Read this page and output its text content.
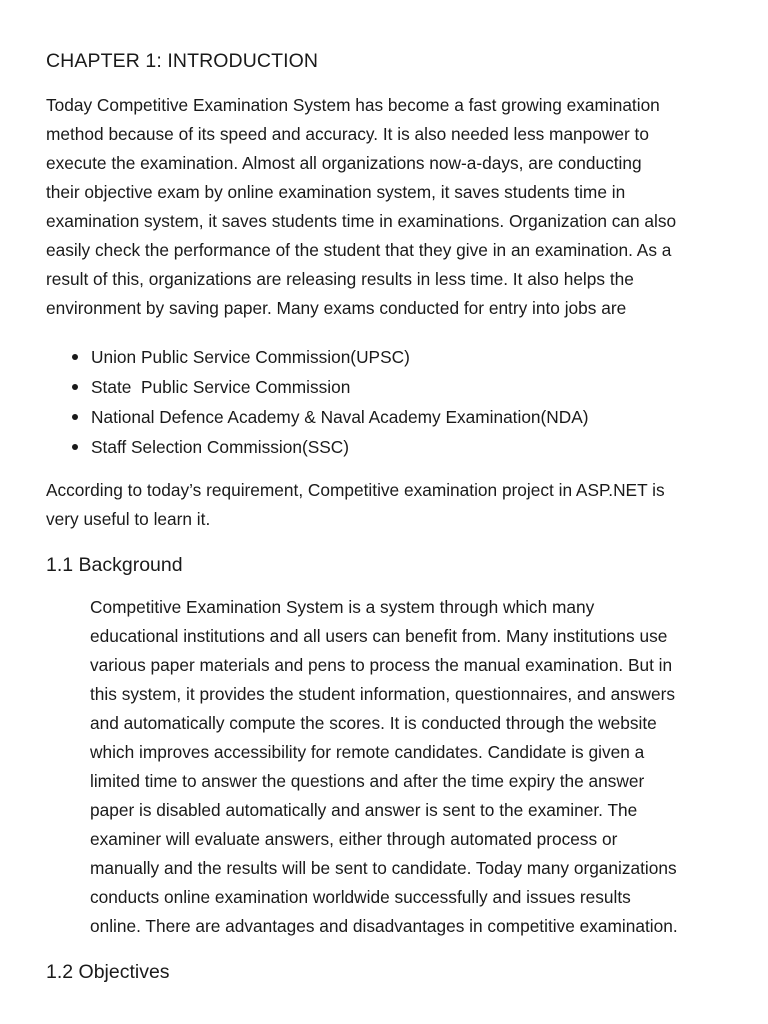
CHAPTER 1: INTRODUCTION

Today Competitive Examination System has become a fast growing examination
method because of its speed and accuracy. It is also needed less manpower to
execute the examination. Almost all organizations now-a-days, are conducting
their objective exam by online examination system, it saves students time in
examination system, it saves students time in examinations. Organization can also
easily check the performance of the student that they give in an examination. As a
result of this, organizations are releasing results in less time. It also helps the
environment by saving paper. Many exams conducted for entry into jobs are

Union Public Service Commission(UPSC)
State  Public Service Commission
National Defence Academy & Naval Academy Examination(NDA)
Staff Selection Commission(SSC)

According to today’s requirement, Competitive examination project in ASP.NET is
very useful to learn it.

1.1 Background

Competitive Examination System is a system through which many
educational institutions and all users can benefit from. Many institutions use
various paper materials and pens to process the manual examination. But in
this system, it provides the student information, questionnaires, and answers
and automatically compute the scores. It is conducted through the website
which improves accessibility for remote candidates. Candidate is given a
limited time to answer the questions and after the time expiry the answer
paper is disabled automatically and answer is sent to the examiner. The
examiner will evaluate answers, either through automated process or
manually and the results will be sent to candidate. Today many organizations
conducts online examination worldwide successfully and issues results
online. There are advantages and disadvantages in competitive examination.

1.2 Objectives
